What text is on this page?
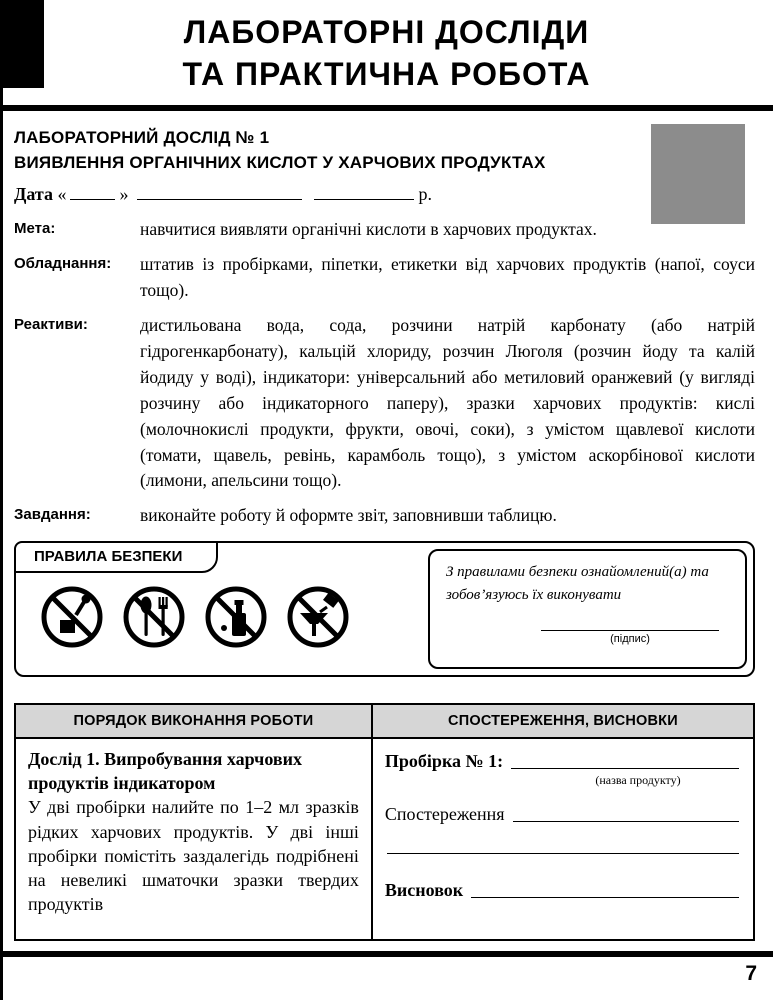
ЛАБОРАТОРНІ ДОСЛІДИ
ТА ПРАКТИЧНА РОБОТА
ЛАБОРАТОРНИЙ ДОСЛІД № 1
ВИЯВЛЕННЯ ОРГАНІЧНИХ КИСЛОТ У ХАРЧОВИХ ПРОДУКТАХ
Дата «	»	р.
Мета:	навчитися виявляти органічні кислоти в харчових продуктах.
Обладнання:	штатив із пробірками, піпетки, етикетки від харчових продуктів (напої, соуси тощо).
Реактиви:	дистильована вода, сода, розчини натрій карбонату (або натрій гідрогенкарбонату), кальцій хлориду, розчин Люголя (розчин йоду та калій йодиду у воді), індикатори: універсальний або метиловий оранжевий (у вигляді розчину або індикаторного паперу), зразки харчових продуктів: кислі (молочнокислі продукти, фрукти, овочі, соки), з умістом щавлевої кислоти (томати, щавель, ревінь, карамболь тощо), з умістом аскорбінової кислоти (лимони, апельсини тощо).
Завдання:	виконайте роботу й оформте звіт, заповнивши таблицю.
ПРАВИЛА БЕЗПЕКИ
З правилами безпеки ознайомлений(а) та зобов’язуюсь їх виконувати
(підпис)
ПОРЯДОК ВИКОНАННЯ РОБОТИ	СПОСТЕРЕЖЕННЯ, ВИСНОВКИ

Дослід 1. Випробування харчових продуктів індикатором
У дві пробірки налийте по 1–2 мл зразків рідких харчових продуктів. У дві інші пробірки помістіть заздалегідь подрібнені на невеликі шматочки зразки твердих продуктів

Пробірка № 1:
(назва продукту)
Спостереження
Висновок
7
